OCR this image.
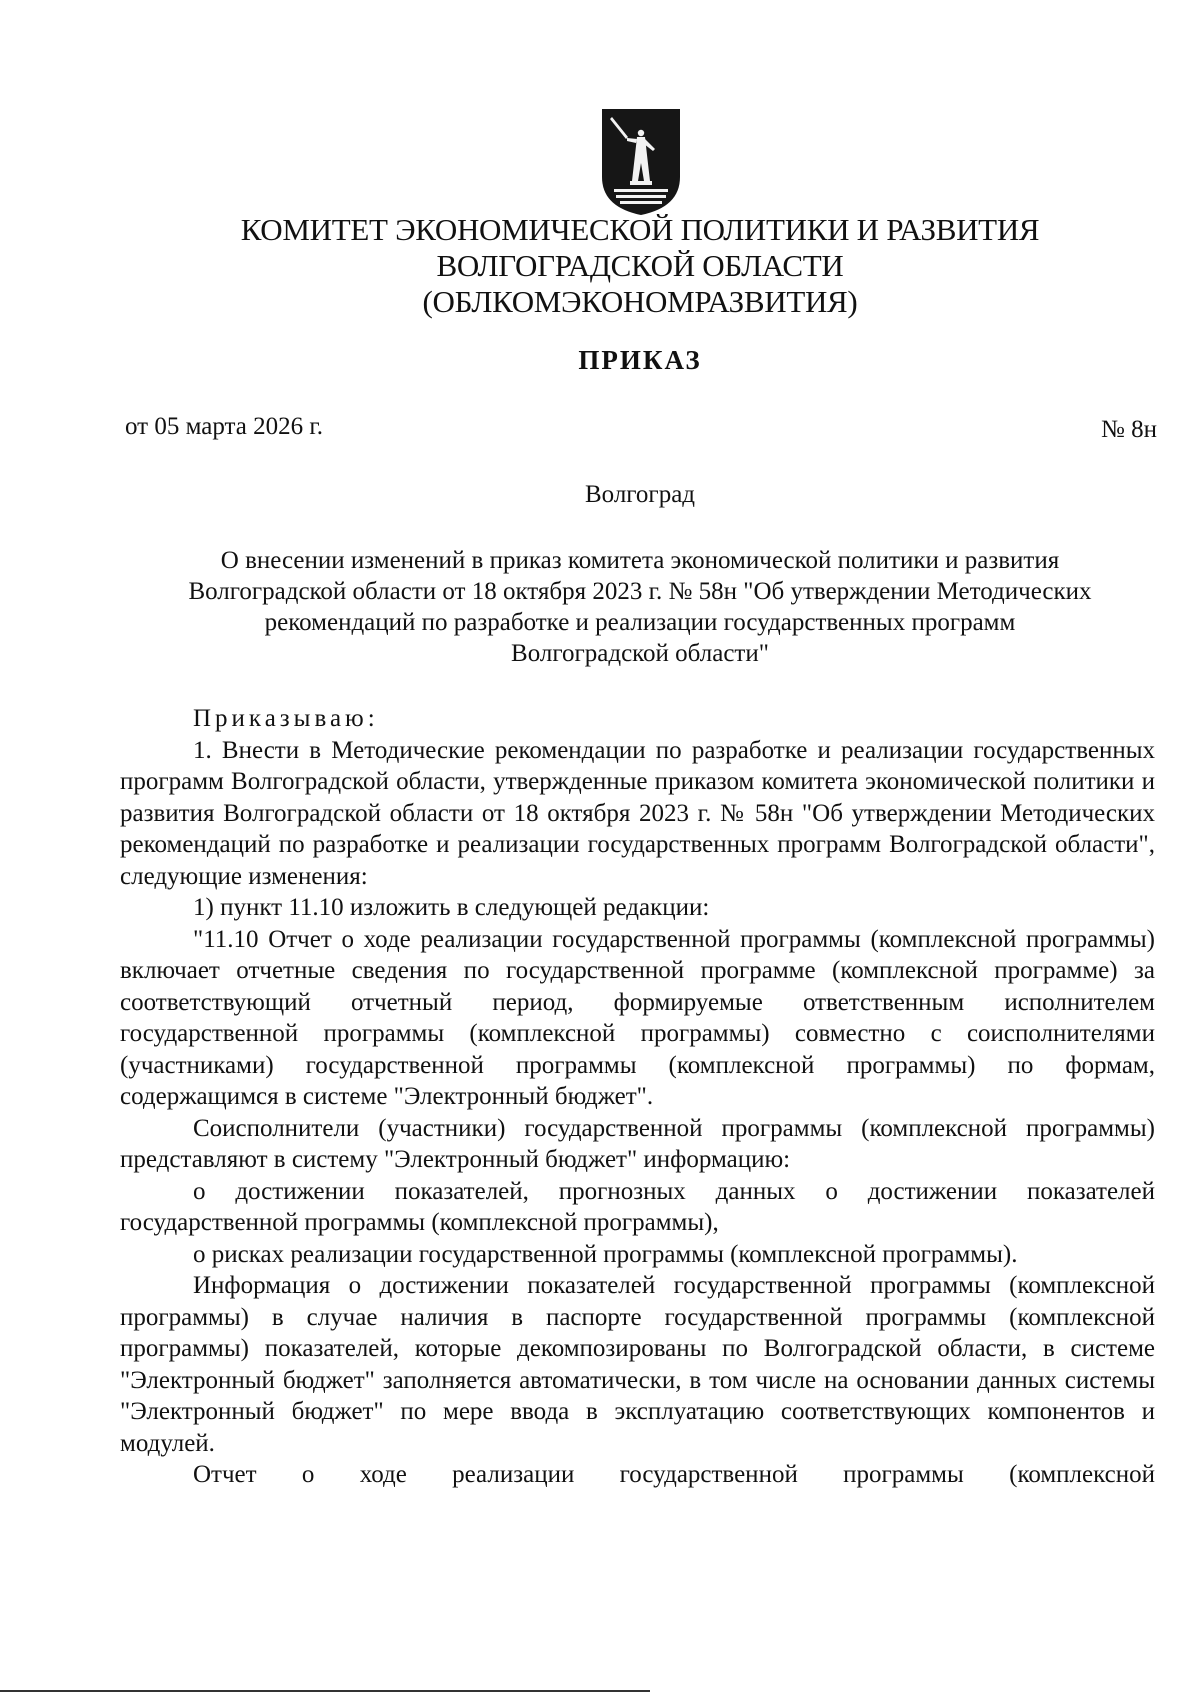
КОМИТЕТ ЭКОНОМИЧЕСКОЙ ПОЛИТИКИ И РАЗВИТИЯ
ВОЛГОГРАДСКОЙ ОБЛАСТИ
(ОБЛКОМЭКОНОМРАЗВИТИЯ)
ПРИКАЗ
от 05 марта 2026 г.	№ 8н
Волгоград
О внесении изменений в приказ комитета экономической политики и развития
Волгоградской области от 18 октября 2023 г. № 58н "Об утверждении Методических
рекомендаций по разработке и реализации государственных программ
Волгоградской области"

Приказываю:

1. Внести в Методические рекомендации по разработке и реализации государственных программ Волгоградской области, утвержденные приказом комитета экономической политики и развития Волгоградской области от 18 октября 2023 г. № 58н "Об утверждении Методических рекомендаций по разработке и реализации государственных программ Волгоградской области", следующие изменения:

1) пункт 11.10 изложить в следующей редакции:

"11.10 Отчет о ходе реализации государственной программы (комплексной программы) включает отчетные сведения по государственной программе (комплексной программе) за соответствующий отчетный период, формируемые ответственным исполнителем государственной программы (комплексной программы) совместно с соисполнителями (участниками) государственной программы (комплексной программы) по формам, содержащимся в системе "Электронный бюджет".

Соисполнители (участники) государственной программы (комплексной программы) представляют в систему "Электронный бюджет" информацию:

о достижении показателей, прогнозных данных о достижении показателей государственной программы (комплексной программы),

о рисках реализации государственной программы (комплексной программы).

Информация о достижении показателей государственной программы (комплексной программы) в случае наличия в паспорте государственной программы (комплексной программы) показателей, которые декомпозированы по Волгоградской области, в системе "Электронный бюджет" заполняется автоматически, в том числе на основании данных системы "Электронный бюджет" по мере ввода в эксплуатацию соответствующих компонентов и модулей.

Отчет о ходе реализации государственной программы (комплексной
